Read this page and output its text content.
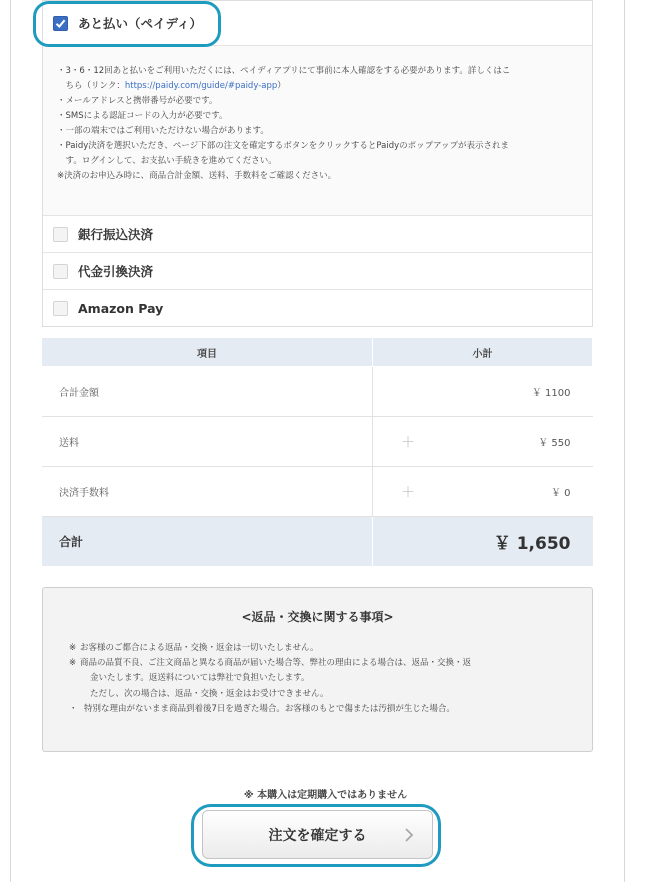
あと払い（ペイディ）

・3・6・12回あと払いをご利用いただくには、ペイディアプリにて事前に本人確認をする必要があります。詳しくはこ

　ちら（リンク：https://paidy.com/guide/#paidy-app）

・メールアドレスと携帯番号が必要です。

・SMSによる認証コードの入力が必要です。

・一部の端末ではご利用いただけない場合があります。

・Paidy決済を選択いただき、ページ下部の注文を確定するボタンをクリックするとPaidyのポップアップが表示されま

　す。ログインして、お支払い手続きを進めてください。

※決済のお申込み時に、商品合計金額、送料、手数料をご確認ください。

銀行振込決済
代金引換決済
Amazon Pay
項目	小計
合計金額	￥ 1100
送料	＋ ￥ 550
決済手数料	＋ ￥ 0
合計	￥ 1,650
<返品・交換に関する事項>
※ お客様のご都合による返品・交換・返金は一切いたしません。
※ 商品の品質不良、ご注文商品と異なる商品が届いた場合等、弊社の理由による場合は、返品・交換・返
金いたします。返送料については弊社で負担いたします。
ただし、次の場合は、返品・交換・返金はお受けできません。
・ 特別な理由がないまま商品到着後7日を過ぎた場合。お客様のもとで傷または汚損が生じた場合。
※ 本購入は定期購入ではありません
注文を確定する
